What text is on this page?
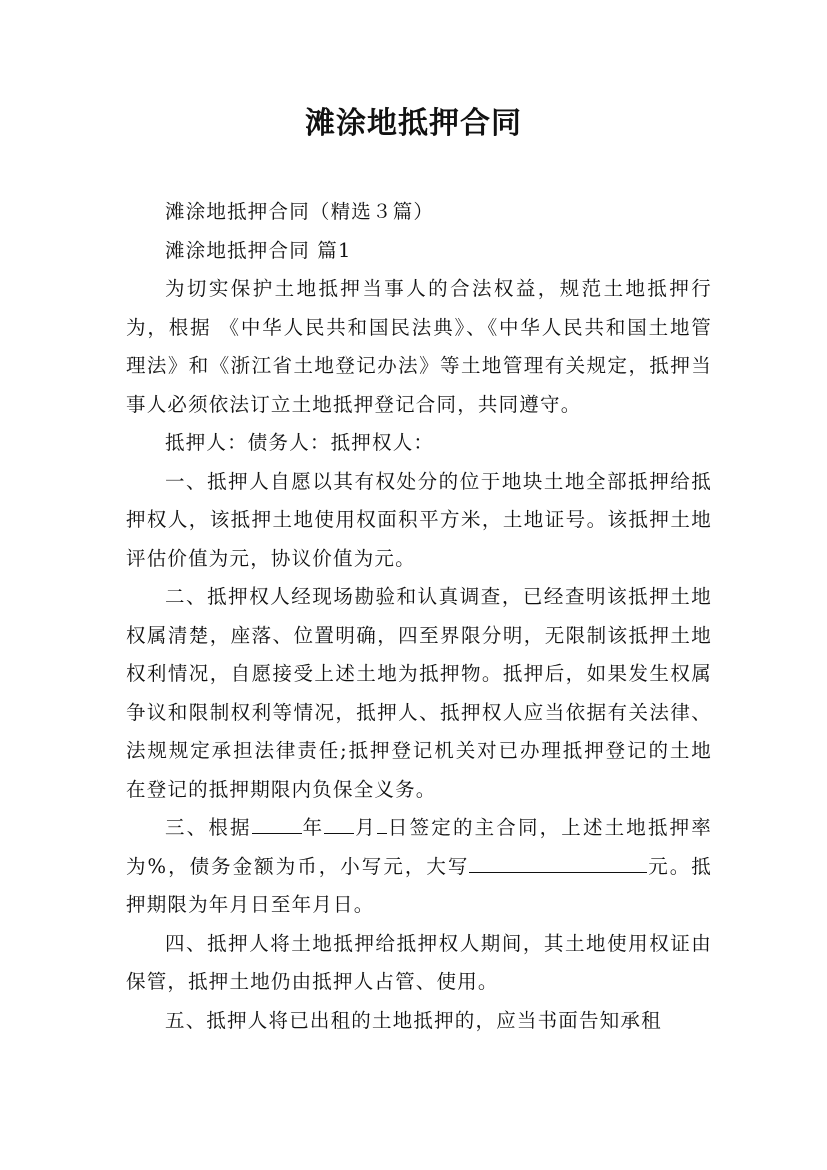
滩涂地抵押合同

滩涂地抵押合同（精选３篇）

滩涂地抵押合同 篇1

为切实保护土地抵押当事人的合法权益，规范土地抵押行为，根据 《中华人民共和国民法典》、《中华人民共和国土地管理法》和《浙江省土地登记办法》等土地管理有关规定，抵押当事人必须依法订立土地抵押登记合同，共同遵守。

抵押人：债务人：抵押权人：

一、抵押人自愿以其有权处分的位于地块土地全部抵押给抵押权人，该抵押土地使用权面积平方米，土地证号。该抵押土地评估价值为元，协议价值为元。

二、抵押权人经现场勘验和认真调查，已经查明该抵押土地权属清楚，座落、位置明确，四至界限分明，无限制该抵押土地权利情况，自愿接受上述土地为抵押物。抵押后，如果发生权属争议和限制权利等情况，抵押人、抵押权人应当依据有关法律、法规规定承担法律责任;抵押登记机关对已办理抵押登记的土地在登记的抵押期限内负保全义务。

三、根据	年 月 日签定的主合同，上述土地抵押率为%，债务金额为币，小写元，大写	元。抵押期限为年月日至年月日。

四、抵押人将土地抵押给抵押权人期间，其土地使用权证由保管，抵押土地仍由抵押人占管、使用。

五、抵押人将已出租的土地抵押的，应当书面告知承租
